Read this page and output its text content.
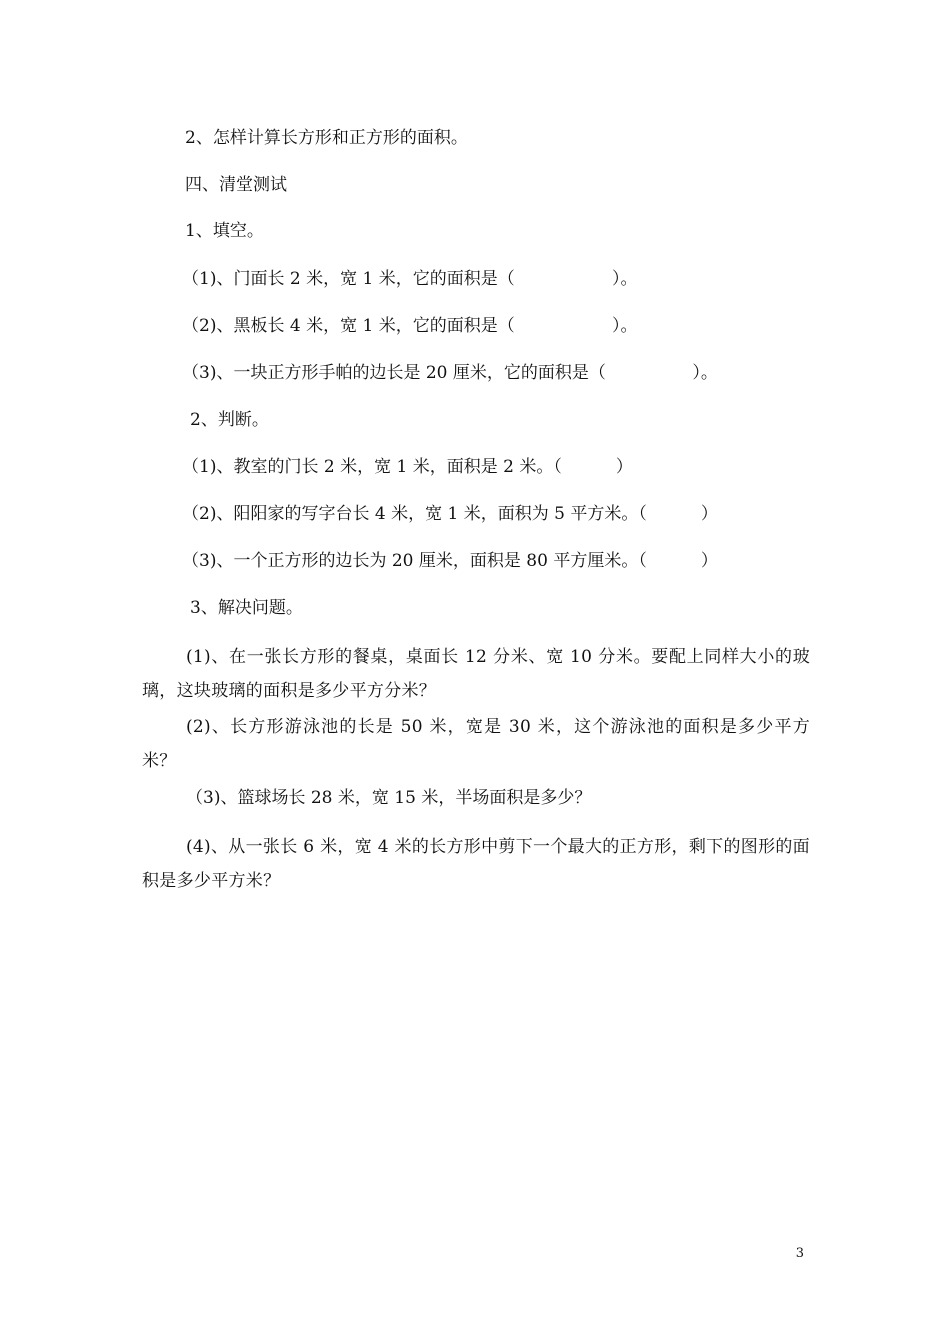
2、怎样计算长方形和正方形的面积。
四、清堂测试
1、填空。
（1)、门面长 2 米，宽 1 米，它的面积是（                  ）。
（2)、黑板长 4 米，宽 1 米，它的面积是（                  ）。
（3)、一块正方形手帕的边长是 20 厘米，它的面积是（                ）。
2、判断。
（1)、教室的门长 2 米，宽 1 米，面积是 2 米。（          ）
（2)、阳阳家的写字台长 4 米，宽 1 米，面积为 5 平方米。（          ）
（3)、一个正方形的边长为 20 厘米，面积是 80 平方厘米。（          ）
3、解决问题。
(1)、在一张长方形的餐桌，桌面长 12 分米、宽 10 分米。要配上同样大小的玻璃，这块玻璃的面积是多少平方分米？
(2)、长方形游泳池的长是 50 米，宽是 30 米，这个游泳池的面积是多少平方米？
（3)、篮球场长 28 米，宽 15 米，半场面积是多少？
(4)、从一张长 6 米，宽 4 米的长方形中剪下一个最大的正方形，剩下的图形的面积是多少平方米？
3
